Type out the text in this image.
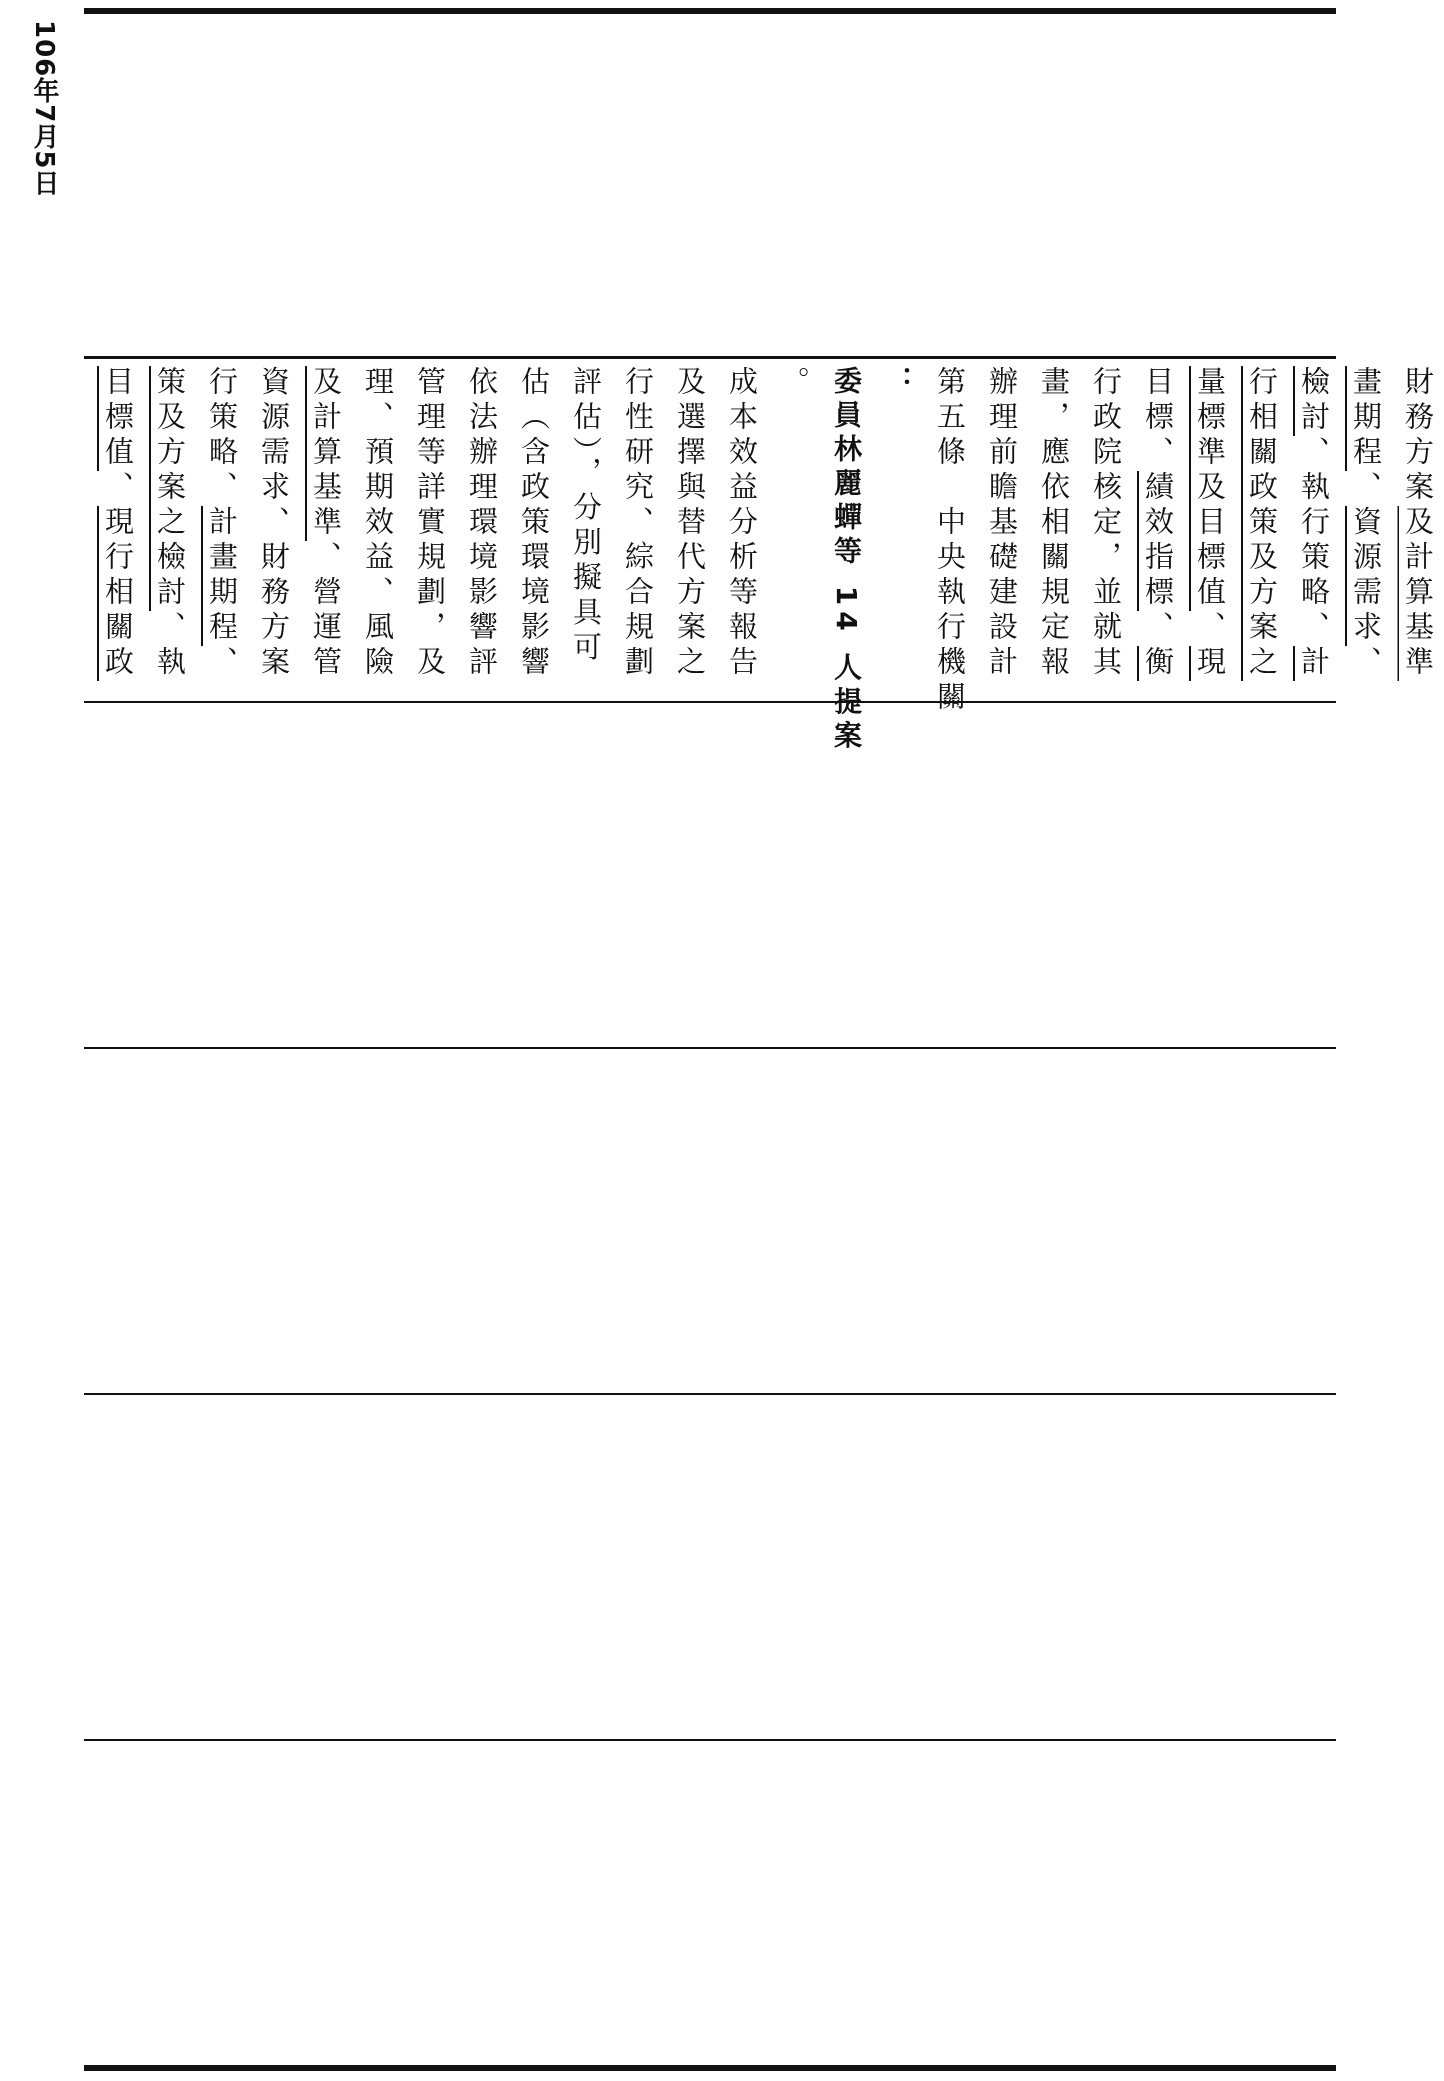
106年7月5日
目標值、現行相關政 策及方案之檢討、執
行策略、計畫期程、 資源需求、財務方案 及計算基準、營運管 理、預期效益、風險 管理等詳實規劃，及 依法辦理環境影響評 估（含政策環境影響 評估），分別擬具可 行性研究、綜合規劃 及選擇與替代方案之 成本效益分析等報告 。 委員林麗蟬等 14 人提案 ： 第五條　中央執行機關 辦理前瞻基礎建設計 畫，應依相關規定報 行政院核定，並就其 目標、績效指標、衡
量標準及目標值、現 行相關政策及方案之 檢討、執行策略、計
畫期程、資源需求、
財務方案及計算基準
